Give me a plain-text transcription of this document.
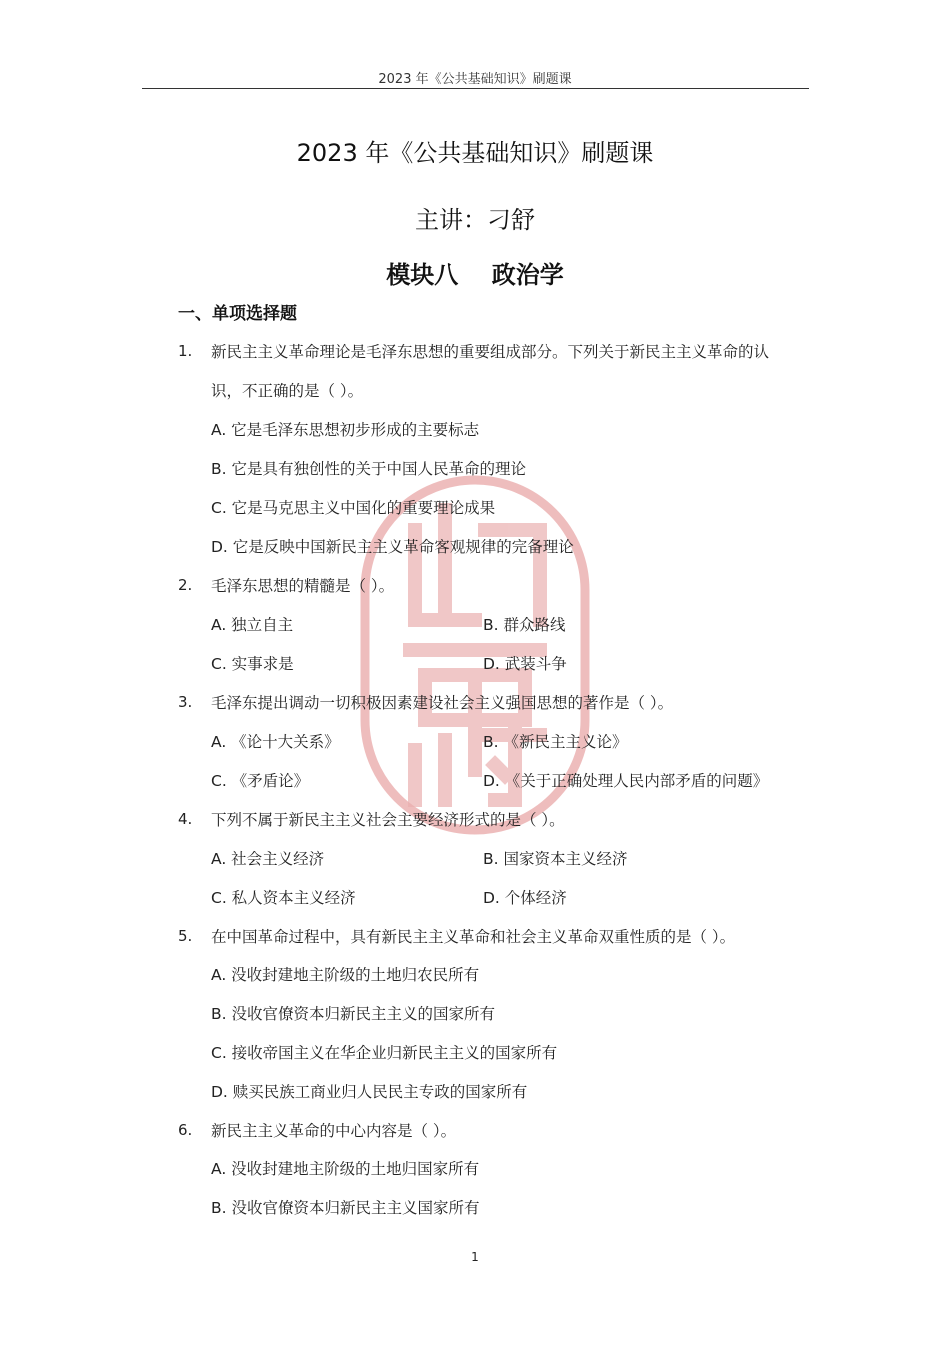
2023 年《公共基础知识》刷题课
2023 年《公共基础知识》刷题课
主讲：刁舒
模块八    政治学
一、单项选择题
1. 新民主主义革命理论是毛泽东思想的重要组成部分。下列关于新民主主义革命的认
识，不正确的是（ ）。
A. 它是毛泽东思想初步形成的主要标志
B. 它是具有独创性的关于中国人民革命的理论
C. 它是马克思主义中国化的重要理论成果
D. 它是反映中国新民主主义革命客观规律的完备理论
2. 毛泽东思想的精髓是（ ）。
A. 独立自主	B. 群众路线
C. 实事求是	D. 武装斗争
3. 毛泽东提出调动一切积极因素建设社会主义强国思想的著作是（ ）。
A. 《论十大关系》	B. 《新民主主义论》
C. 《矛盾论》	D. 《关于正确处理人民内部矛盾的问题》
4. 下列不属于新民主主义社会主要经济形式的是（ ）。
A. 社会主义经济	B. 国家资本主义经济
C. 私人资本主义经济	D. 个体经济
5. 在中国革命过程中，具有新民主主义革命和社会主义革命双重性质的是（ ）。
A. 没收封建地主阶级的土地归农民所有
B. 没收官僚资本归新民主主义的国家所有
C. 接收帝国主义在华企业归新民主主义的国家所有
D. 赎买民族工商业归人民民主专政的国家所有
6. 新民主主义革命的中心内容是（ ）。
A. 没收封建地主阶级的土地归国家所有
B. 没收官僚资本归新民主主义国家所有
1
